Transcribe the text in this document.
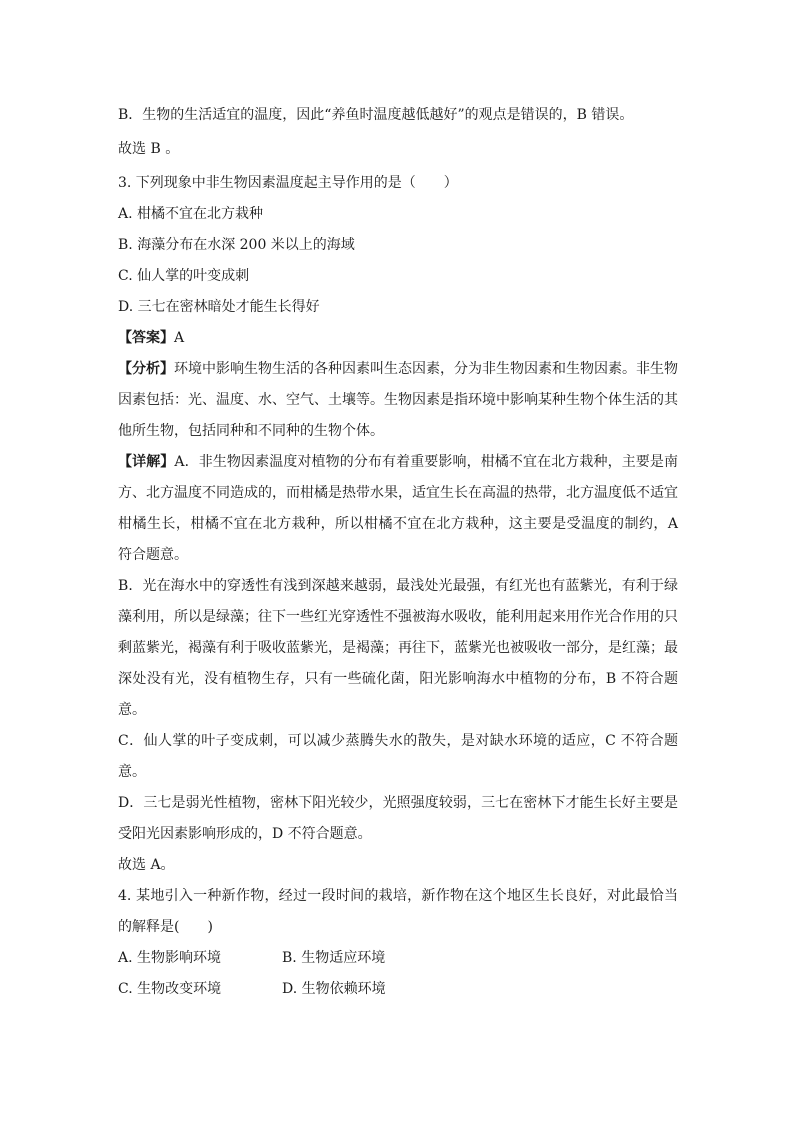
B．生物的生活适宜的温度，因此“养鱼时温度越低越好”的观点是错误的，B 错误。
故选 B 。
3. 下列现象中非生物因素温度起主导作用的是（　　）
A. 柑橘不宜在北方栽种
B. 海藻分布在水深 200 米以上的海域
C. 仙人掌的叶变成刺
D. 三七在密林暗处才能生长得好
【答案】A
【分析】环境中影响生物生活的各种因素叫生态因素，分为非生物因素和生物因素。非生物因素包括：光、温度、水、空气、土壤等。生物因素是指环境中影响某种生物个体生活的其他所生物，包括同种和不同种的生物个体。
【详解】A．非生物因素温度对植物的分布有着重要影响，柑橘不宜在北方栽种，主要是南方、北方温度不同造成的，而柑橘是热带水果，适宜生长在高温的热带，北方温度低不适宜柑橘生长，柑橘不宜在北方栽种，所以柑橘不宜在北方栽种，这主要是受温度的制约，A 符合题意。
B．光在海水中的穿透性有浅到深越来越弱，最浅处光最强，有红光也有蓝紫光，有利于绿藻利用，所以是绿藻；往下一些红光穿透性不强被海水吸收，能利用起来用作光合作用的只剩蓝紫光，褐藻有利于吸收蓝紫光，是褐藻；再往下，蓝紫光也被吸收一部分，是红藻；最深处没有光，没有植物生存，只有一些硫化菌，阳光影响海水中植物的分布，B 不符合题意。
C．仙人掌的叶子变成刺，可以减少蒸腾失水的散失，是对缺水环境的适应，C 不符合题意。
D．三七是弱光性植物，密林下阳光较少，光照强度较弱，三七在密林下才能生长好主要是受阳光因素影响形成的，D 不符合题意。
故选 A。
4. 某地引入一种新作物，经过一段时间的栽培，新作物在这个地区生长良好，对此最恰当的解释是(　　)
A. 生物影响环境	B. 生物适应环境
C. 生物改变环境	D. 生物依赖环境
